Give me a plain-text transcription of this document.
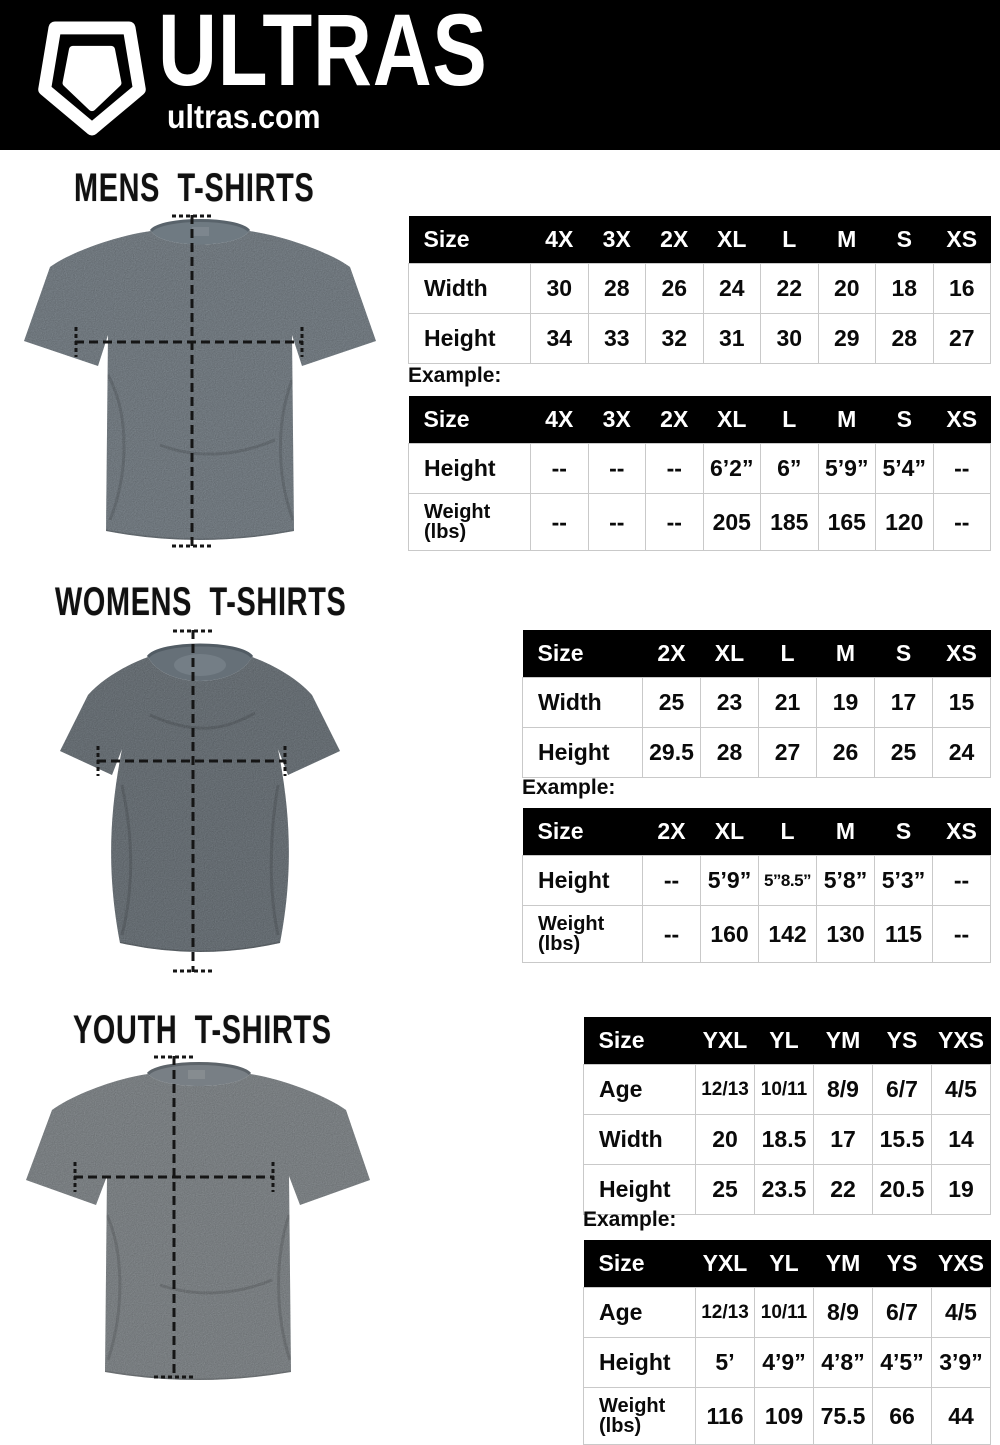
ULTRAS
ultras.com
MENS T-SHIRTS
WOMENS T-SHIRTS
YOUTH T-SHIRTS
Size	4X	3X	2X	XL	L	M	S	XS

Width	30	28	26	24	22	20	18	16

Height	34	33	32	31	30	29	28	27
Example:
Size	4X	3X	2X	XL	L	M	S	XS

Height	--	--	--	6’2”	6”	5’9”	5’4”	--

Weight
(lbs)	--	--	--	205	185	165	120	--
Size	2X	XL	L	M	S	XS

Width	25	23	21	19	17	15

Height	29.5	28	27	26	25	24
Example:
Size	2X	XL	L	M	S	XS

Height	--	5’9”	5”8.5”	5’8”	5’3”	--

Weight
(lbs)	--	160	142	130	115	--
Size	YXL	YL	YM	YS	YXS

Age	12/13	10/11	8/9	6/7	4/5

Width	20	18.5	17	15.5	14

Height	25	23.5	22	20.5	19
Example:
Size	YXL	YL	YM	YS	YXS

Age	12/13	10/11	8/9	6/7	4/5

Height	5’	4’9”	4’8”	4’5”	3’9”

Weight
(lbs)	116	109	75.5	66	44
